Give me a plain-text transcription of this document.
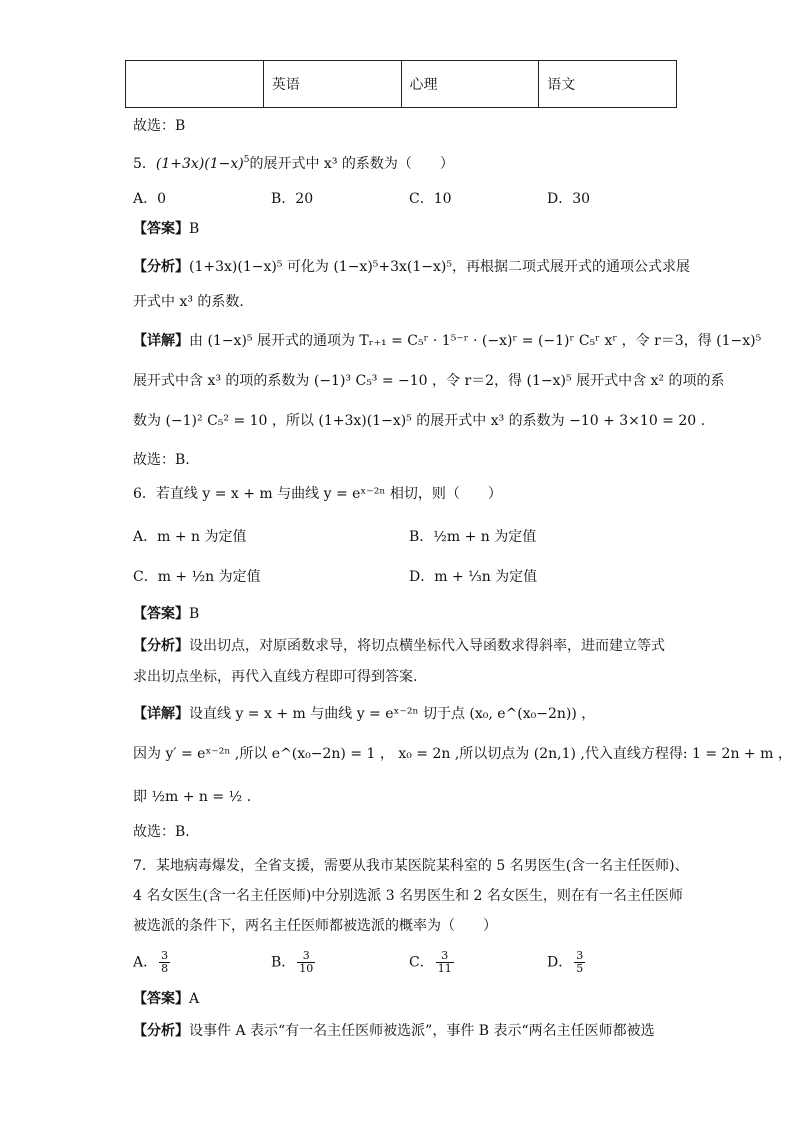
	英语	心理	语文
故选：B
5．$(1+3x)(1-x)^5$的展开式中 x³ 的系数为（　　）
A．0	B．20	C．10	D．30
【答案】B
【分析】(1+3x)(1−x)⁵ 可化为 (1−x)⁵+3x(1−x)⁵，再根据二项式展开式的通项公式求展
开式中 x³ 的系数.
【详解】由 (1−x)⁵ 展开式的通项为 Tᵣ₊₁ = C₅ʳ · 1⁵⁻ʳ · (−x)ʳ = (−1)ʳ C₅ʳ xʳ ，令 r＝3，得 (1−x)⁵
展开式中含 x³ 的项的系数为 (−1)³ C₅³ = −10 ，令 r＝2，得 (1−x)⁵ 展开式中含 x² 的项的系
数为 (−1)² C₅² = 10 ，所以 (1+3x)(1−x)⁵ 的展开式中 x³ 的系数为 −10 + 3×10 = 20 .
故选：B.
6．若直线 y = x + m 与曲线 y = eˣ⁻²ⁿ 相切，则（　　）
A．m + n 为定值	B．½m + n 为定值
C．m + ½n 为定值	D．m + ⅓n 为定值
【答案】B
【分析】设出切点，对原函数求导，将切点横坐标代入导函数求得斜率，进而建立等式
求出切点坐标，再代入直线方程即可得到答案.
【详解】设直线 y = x + m 与曲线 y = eˣ⁻²ⁿ 切于点 (x₀, e^(x₀−2n)) ，
因为 y′ = eˣ⁻²ⁿ ,所以 e^(x₀−2n) = 1 ， x₀ = 2n ,所以切点为 (2n,1) ,代入直线方程得: 1 = 2n + m ，
即 ½m + n = ½ .
故选：B.
7．某地病毒爆发，全省支援，需要从我市某医院某科室的 5 名男医生(含一名主任医师)、
4 名女医生(含一名主任医师)中分别选派 3 名男医生和 2 名女医生，则在有一名主任医师
被选派的条件下，两名主任医师都被选派的概率为（　　）
A． $\frac{3}{8}$	B． $\frac{3}{10}$	C． $\frac{3}{11}$	D． $\frac{3}{5}$
【答案】A
【分析】设事件 A 表示“有一名主任医师被选派”，事件 B 表示“两名主任医师都被选
